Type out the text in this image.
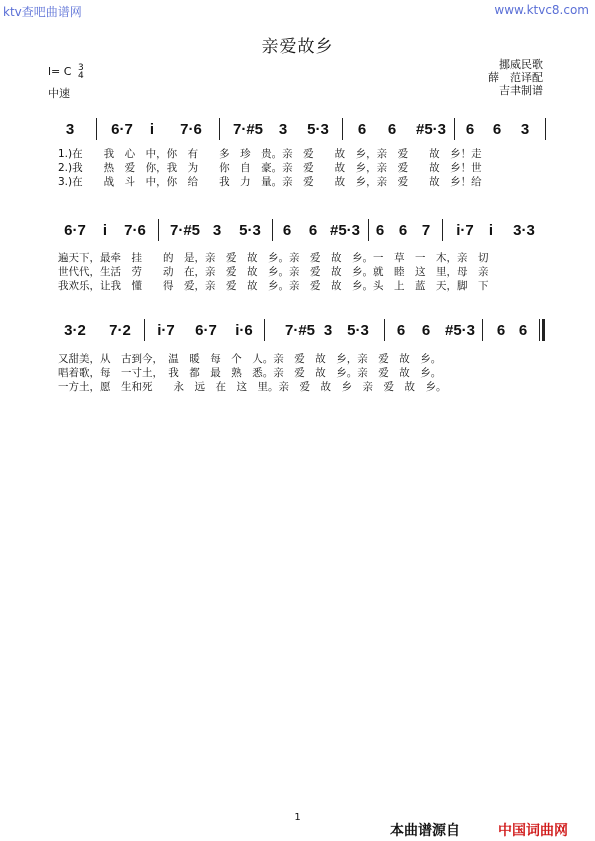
ktv查吧曲谱网	www.ktvc8.com
亲爱故乡
l= C 3
4
中速
挪威民歌
薛　范译配
吉聿制谱
3 6·7 i 7·6 7·#5 3 5·3 6 6 #5·3 6 6 3
1.)在　　我　心　中，你　有　　多　珍　贵。亲　爱　　故　乡，亲　爱　　故　乡！走
2.)我　　热　爱　你，我　为　　你　自　豪。亲　爱　　故　乡，亲　爱　　故　乡！世
3.)在　　战　斗　中，你　给　　我　力　量。亲　爱　　故　乡，亲　爱　　故　乡！给
6·7 i 7·6 7·#5 3 5·3 6 6 #5·3 6 6 7 i·7 i 3·3
遍天下，最牵　挂　　的　是，亲　爱　故　乡。亲　爱　故　乡。一　草　一　木，亲　切
世代代，生活　劳　　动　在，亲　爱　故　乡。亲　爱　故　乡。就　睦　这　里，母　亲
我欢乐，让我　懂　　得　爱，亲　爱　故　乡。亲　爱　故　乡。头　上　蓝　天，脚　下
3·2 7·2 i·7 6·7 i·6 7·#5 3 5·3 6 6 #5·3 6 6
又甜美，从　古到今，　温　暖　每　个　人。亲　爱　故　乡，亲　爱　故　乡。
唱着歌，每　一寸土，　我　都　最　熟　悉。亲　爱　故　乡。亲　爱　故　乡。
一方土，愿　生和死　　永　远　在　这　里。亲　爱　故　乡　亲　爱　故　乡。
1
本曲谱源自	中国词曲网
